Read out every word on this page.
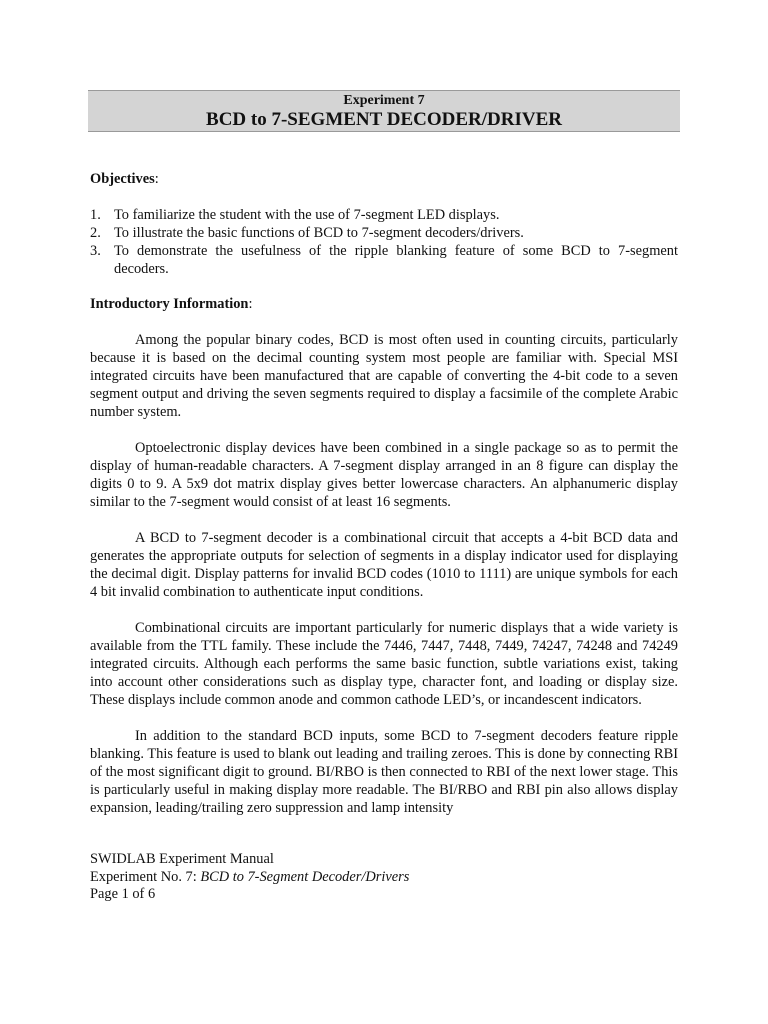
Experiment 7
BCD to 7-SEGMENT DECODER/DRIVER
Objectives:
1. To familiarize the student with the use of 7-segment LED displays.
2. To illustrate the basic functions of BCD to 7-segment decoders/drivers.
3. To demonstrate the usefulness of the ripple blanking feature of some BCD to 7-segment decoders.
Introductory Information:

Among the popular binary codes, BCD is most often used in counting circuits, particularly because it is based on the decimal counting system most people are familiar with. Special MSI integrated circuits have been manufactured that are capable of converting the 4-bit code to a seven segment output and driving the seven segments required to display a facsimile of the complete Arabic number system.

Optoelectronic display devices have been combined in a single package so as to permit the display of human-readable characters. A 7-segment display arranged in an 8 figure can display the digits 0 to 9. A 5x9 dot matrix display gives better lowercase characters. An alphanumeric display similar to the 7-segment would consist of at least 16 segments.

A BCD to 7-segment decoder is a combinational circuit that accepts a 4-bit BCD data and generates the appropriate outputs for selection of segments in a display indicator used for displaying the decimal digit. Display patterns for invalid BCD codes (1010 to 1111) are unique symbols for each 4 bit invalid combination to authenticate input conditions.

Combinational circuits are important particularly for numeric displays that a wide variety is available from the TTL family. These include the 7446, 7447, 7448, 7449, 74247, 74248 and 74249 integrated circuits. Although each performs the same basic function, subtle variations exist, taking into account other considerations such as display type, character font, and loading or display size. These displays include common anode and common cathode LED’s, or incandescent indicators.

In addition to the standard BCD inputs, some BCD to 7-segment decoders feature ripple blanking. This feature is used to blank out leading and trailing zeroes. This is done by connecting RBI of the most significant digit to ground. BI/RBO is then connected to RBI of the next lower stage. This is particularly useful in making display more readable. The BI/RBO and RBI pin also allows display expansion, leading/trailing zero suppression and lamp intensity

SWIDLAB Experiment Manual
Experiment No. 7: BCD to 7-Segment Decoder/Drivers
Page 1 of 6
